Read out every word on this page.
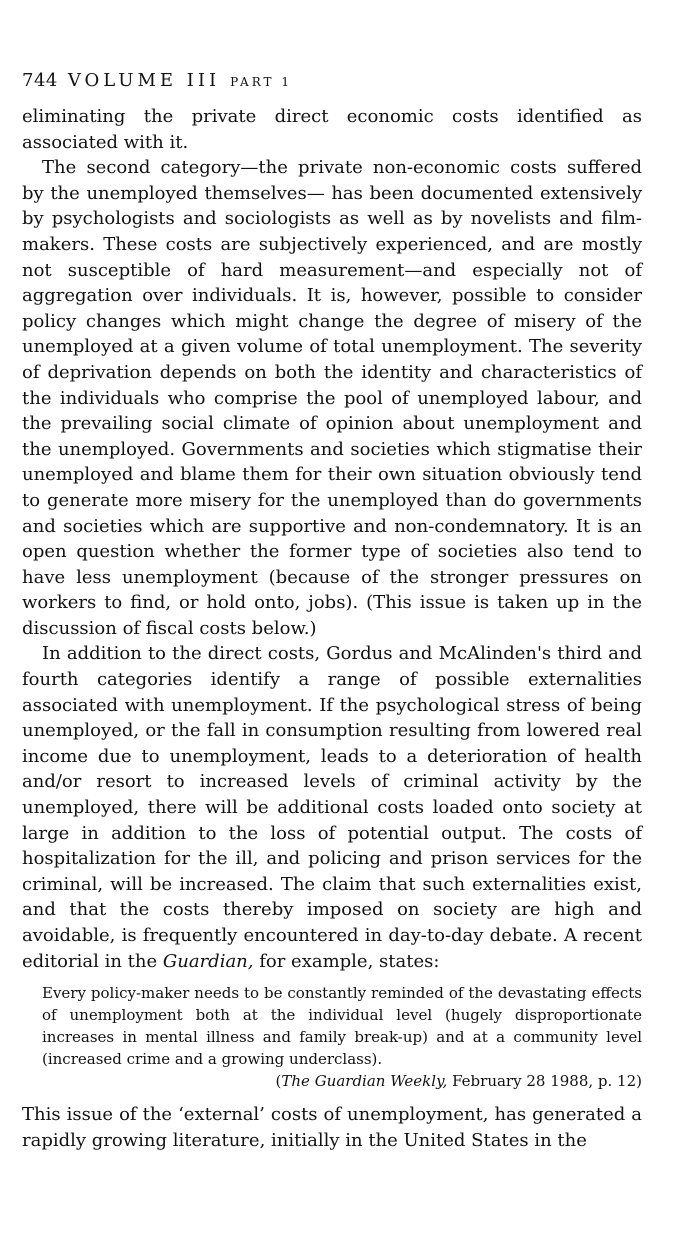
744 VOLUME III PART 1

eliminating the private direct economic costs identified as associated with it.

The second category—the private non-economic costs suffered by the unemployed themselves— has been documented extensively by psychologists and sociologists as well as by novelists and film-makers. These costs are subjectively experienced, and are mostly not susceptible of hard measurement—and especially not of aggregation over individuals. It is, however, possible to consider policy changes which might change the degree of misery of the unemployed at a given volume of total unemployment. The severity of deprivation depends on both the identity and characteristics of the individuals who comprise the pool of unemployed labour, and the prevailing social climate of opinion about unemployment and the unemployed. Governments and societies which stigmatise their unemployed and blame them for their own situation obviously tend to generate more misery for the unemployed than do governments and societies which are supportive and non-condemnatory. It is an open question whether the former type of societies also tend to have less unemployment (because of the stronger pressures on workers to find, or hold onto, jobs). (This issue is taken up in the discussion of fiscal costs below.)

In addition to the direct costs, Gordus and McAlinden's third and fourth categories identify a range of possible externalities associated with unemployment. If the psychological stress of being unemployed, or the fall in consumption resulting from lowered real income due to unemployment, leads to a deterioration of health and/or resort to increased levels of criminal activity by the unemployed, there will be additional costs loaded onto society at large in addition to the loss of potential output. The costs of hospitalization for the ill, and policing and prison services for the criminal, will be increased. The claim that such externalities exist, and that the costs thereby imposed on society are high and avoidable, is frequently encountered in day-to-day debate. A recent editorial in the Guardian, for example, states:

Every policy-maker needs to be constantly reminded of the devastating effects of unemployment both at the individual level (hugely disproportionate increases in mental illness and family break-up) and at a community level (increased crime and a growing underclass).
(The Guardian Weekly, February 28 1988, p. 12)

This issue of the ‘external’ costs of unemployment, has generated a rapidly growing literature, initially in the United States in the
